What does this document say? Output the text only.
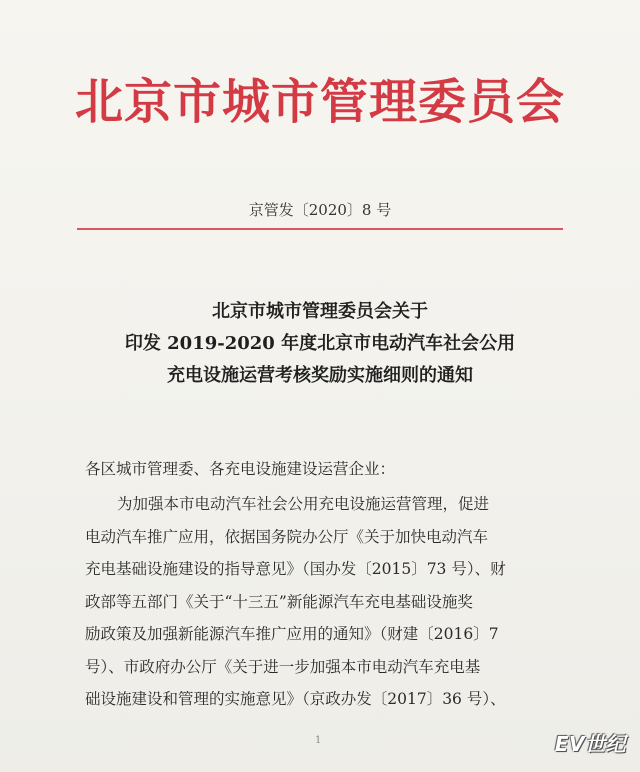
北京市城市管理委员会
京管发〔2020〕8 号
北京市城市管理委员会关于
印发 2019-2020 年度北京市电动汽车社会公用
充电设施运营考核奖励实施细则的通知
各区城市管理委、各充电设施建设运营企业：
为加强本市电动汽车社会公用充电设施运营管理，促进
电动汽车推广应用，依据国务院办公厅《关于加快电动汽车
充电基础设施建设的指导意见》（国办发〔2015〕73 号）、财
政部等五部门《关于“十三五”新能源汽车充电基础设施奖
励政策及加强新能源汽车推广应用的通知》（财建〔2016〕7
号）、市政府办公厅《关于进一步加强本市电动汽车充电基
础设施建设和管理的实施意见》（京政办发〔2017〕36 号）、
1	EV世纪
